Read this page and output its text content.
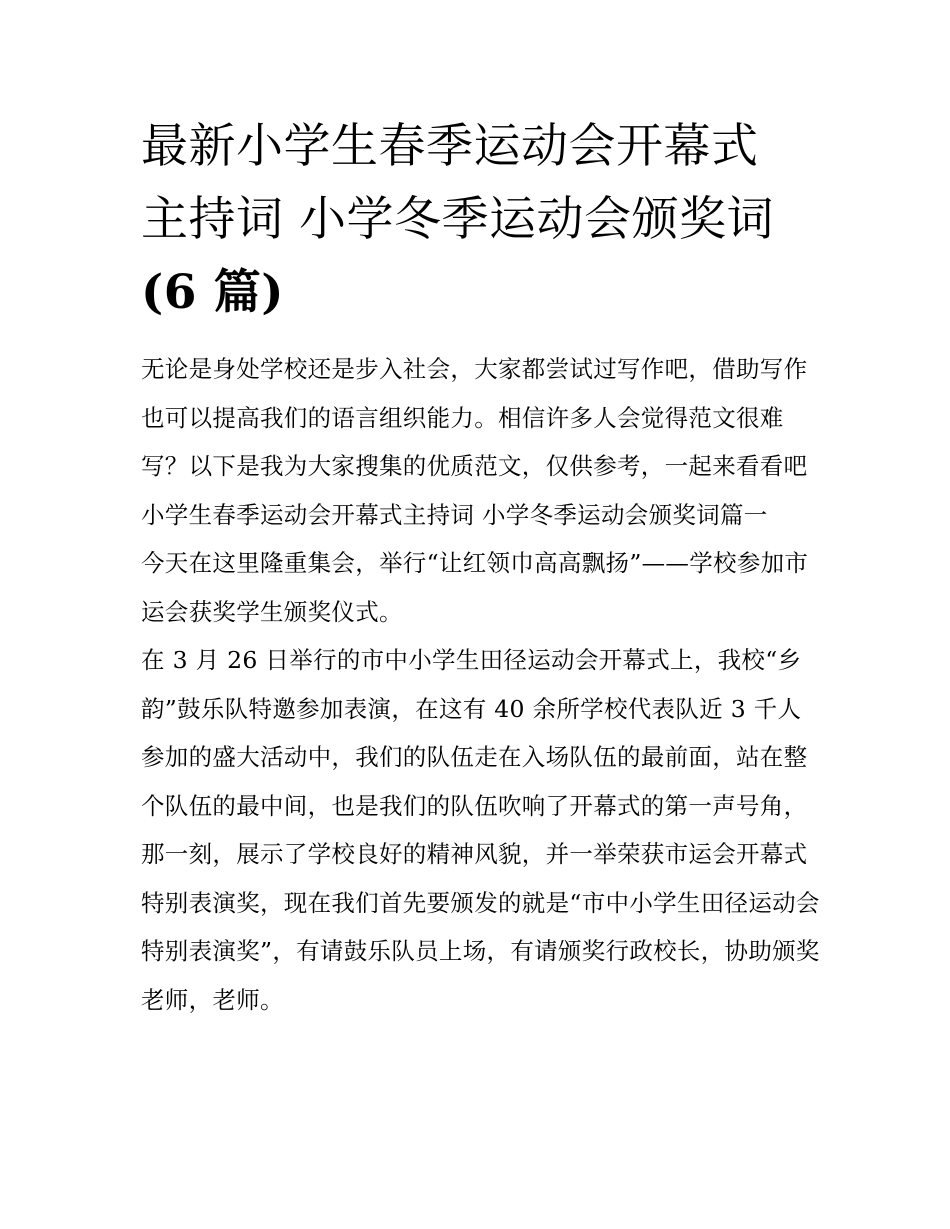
最新小学生春季运动会开幕式
主持词 小学冬季运动会颁奖词
(6 篇)

无论是身处学校还是步入社会，大家都尝试过写作吧，借助写作也可以提高我们的语言组织能力。相信许多人会觉得范文很难写？以下是我为大家搜集的优质范文，仅供参考，一起来看看吧

小学生春季运动会开幕式主持词 小学冬季运动会颁奖词篇一

今天在这里隆重集会，举行“让红领巾高高飘扬”——学校参加市运会获奖学生颁奖仪式。

在 3 月 26 日举行的市中小学生田径运动会开幕式上，我校“乡韵”鼓乐队特邀参加表演，在这有 40 余所学校代表队近 3 千人参加的盛大活动中，我们的队伍走在入场队伍的最前面，站在整个队伍的最中间，也是我们的队伍吹响了开幕式的第一声号角，那一刻，展示了学校良好的精神风貌，并一举荣获市运会开幕式特别表演奖，现在我们首先要颁发的就是“市中小学生田径运动会特别表演奖”，有请鼓乐队员上场，有请颁奖行政校长，协助颁奖老师，老师。
